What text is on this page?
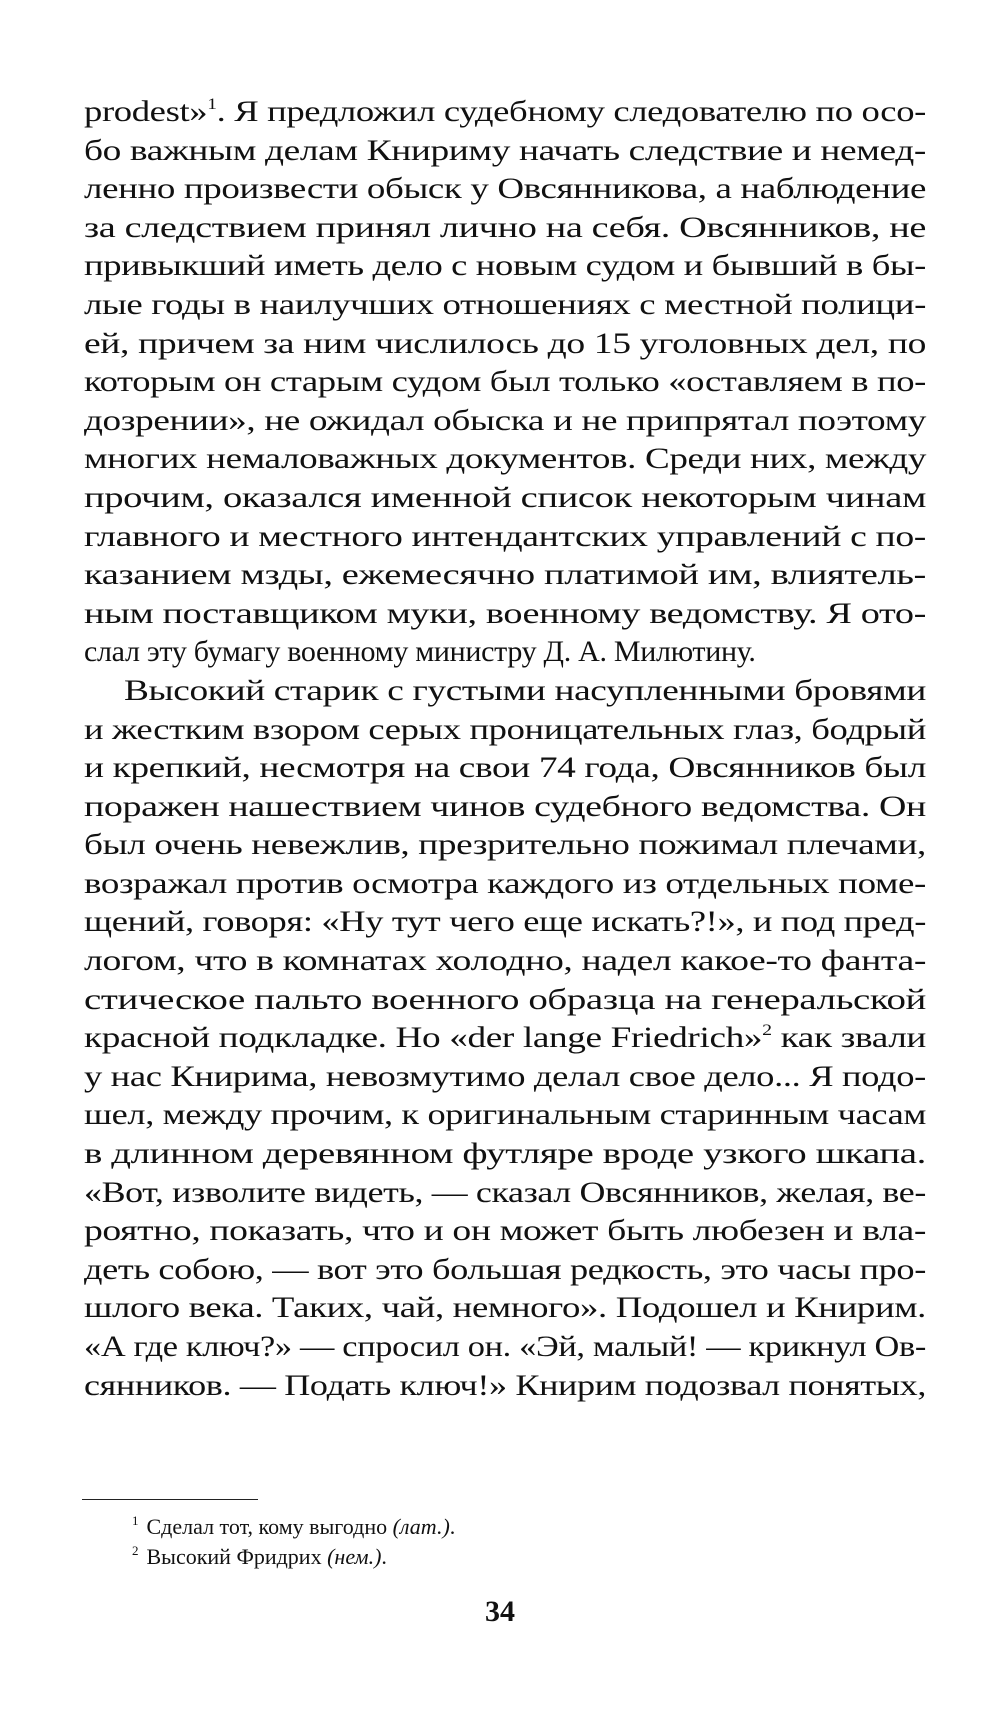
prodest»$^1$. Я предложил судебному следователю по осо-
бо важным делам Книриму начать следствие и немед-
ленно произвести обыск у Овсянникова, а наблюдение
за следствием принял лично на себя. Овсянников, не
привыкший иметь дело с новым судом и бывший в бы-
лые годы в наилучших отношениях с местной полици-
ей, причем за ним числилось до 15 уголовных дел, по
которым он старым судом был только «оставляем в по-
дозрении», не ожидал обыска и не припрятал поэтому
многих немаловажных документов. Среди них, между
прочим, оказался именной список некоторым чинам
главного и местного интендантских управлений с по-
казанием мзды, ежемесячно платимой им, влиятель-
ным поставщиком муки, военному ведомству. Я ото-
слал эту бумагу военному министру Д. А. Милютину.
Высокий старик с густыми насупленными бровями
и жестким взором серых проницательных глаз, бодрый
и крепкий, несмотря на свои 74 года, Овсянников был
поражен нашествием чинов судебного ведомства. Он
был очень невежлив, презрительно пожимал плечами,
возражал против осмотра каждого из отдельных поме-
щений, говоря: «Ну тут чего еще искать?!», и под пред-
логом, что в комнатах холодно, надел какое-то фанта-
стическое пальто военного образца на генеральской
красной подкладке. Но «der lange Friedrich»$^2$ как звали
у нас Книрима, невозмутимо делал свое дело... Я подо-
шел, между прочим, к оригинальным старинным часам
в длинном деревянном футляре вроде узкого шкапа.
«Вот, изволите видеть, — сказал Овсянников, желая, ве-
роятно, показать, что и он может быть любезен и вла-
деть собою, — вот это большая редкость, это часы про-
шлого века. Таких, чай, немного». Подошел и Книрим.
«А где ключ?» — спросил он. «Эй, малый! — крикнул Ов-
сянников. — Подать ключ!» Книрим подозвал понятых,
$^1$ Сделал тот, кому выгодно (лат.).
$^2$ Высокий Фридрих (нем.).
34
